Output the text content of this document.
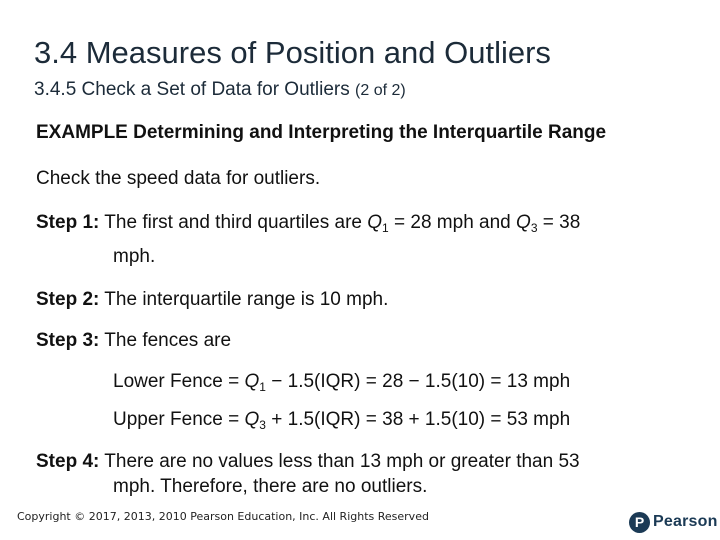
3.4 Measures of Position and Outliers
3.4.5 Check a Set of Data for Outliers (2 of 2)
EXAMPLE Determining and Interpreting the Interquartile Range
Check the speed data for outliers.
Step 1: The first and third quartiles are $Q_1 = 28$ mph and $Q_3 = 38$
mph.
Step 2: The interquartile range is 10 mph.
Step 3: The fences are
Lower Fence = $Q_1 - 1.5(IQR) = 28 - 1.5(10) = 13$ mph
Upper Fence = $Q_3 + 1.5(IQR) = 38 + 1.5(10) = 53$ mph
Step 4: There are no values less than 13 mph or greater than 53
mph. Therefore, there are no outliers.
Copyright © 2017, 2013, 2010 Pearson Education, Inc. All Rights Reserved	P Pearson
